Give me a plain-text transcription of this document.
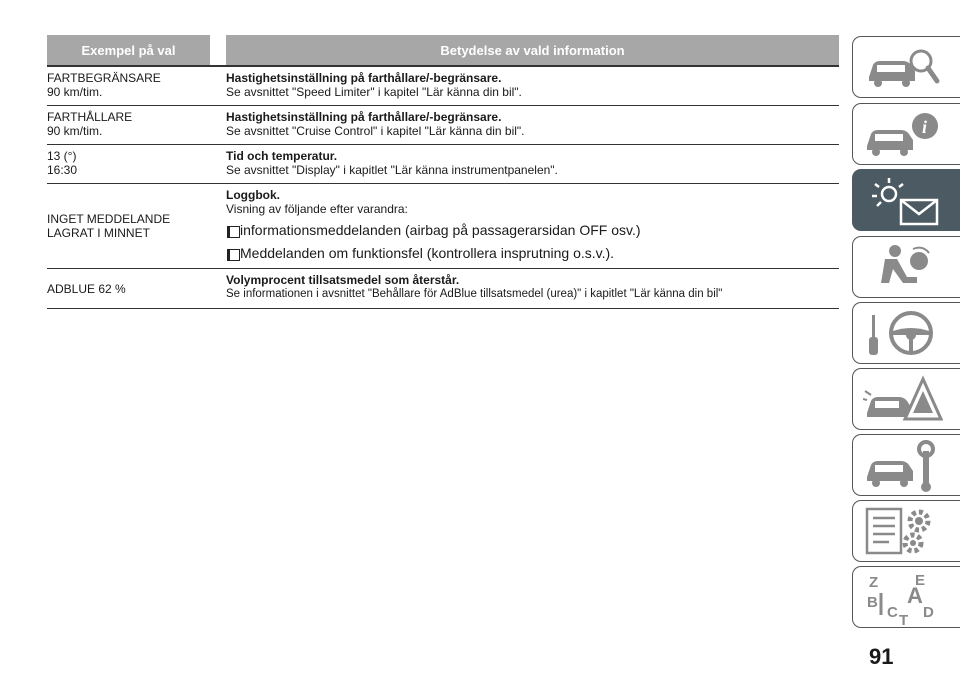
Exempel på val	Betydelse av vald information
FARTBEGRÄNSARE
90 km/tim.
Hastighetsinställning på farthållare/-begränsare.
Se avsnittet "Speed Limiter" i kapitel "Lär känna din bil".
FARTHÅLLARE
90 km/tim.
Hastighetsinställning på farthållare/-begränsare.
Se avsnittet "Cruise Control" i kapitel "Lär känna din bil".
13 (°)
16:30
Tid och temperatur.
Se avsnittet "Display" i kapitlet "Lär känna instrumentpanelen".
INGET MEDDELANDE
LAGRAT I MINNET
Loggbok.
Visning av följande efter varandra:
informationsmeddelanden (airbag på passagerarsidan OFF osv.)
Meddelanden om funktionsfel (kontrollera insprutning o.s.v.).
ADBLUE 62 %
Volymprocent tillsatsmedel som återstår.
Se informationen i avsnittet "Behållare för AdBlue tillsatsmedel (urea)" i kapitlet "Lär känna din bil"
i
Z E
B A
C D
T
91
